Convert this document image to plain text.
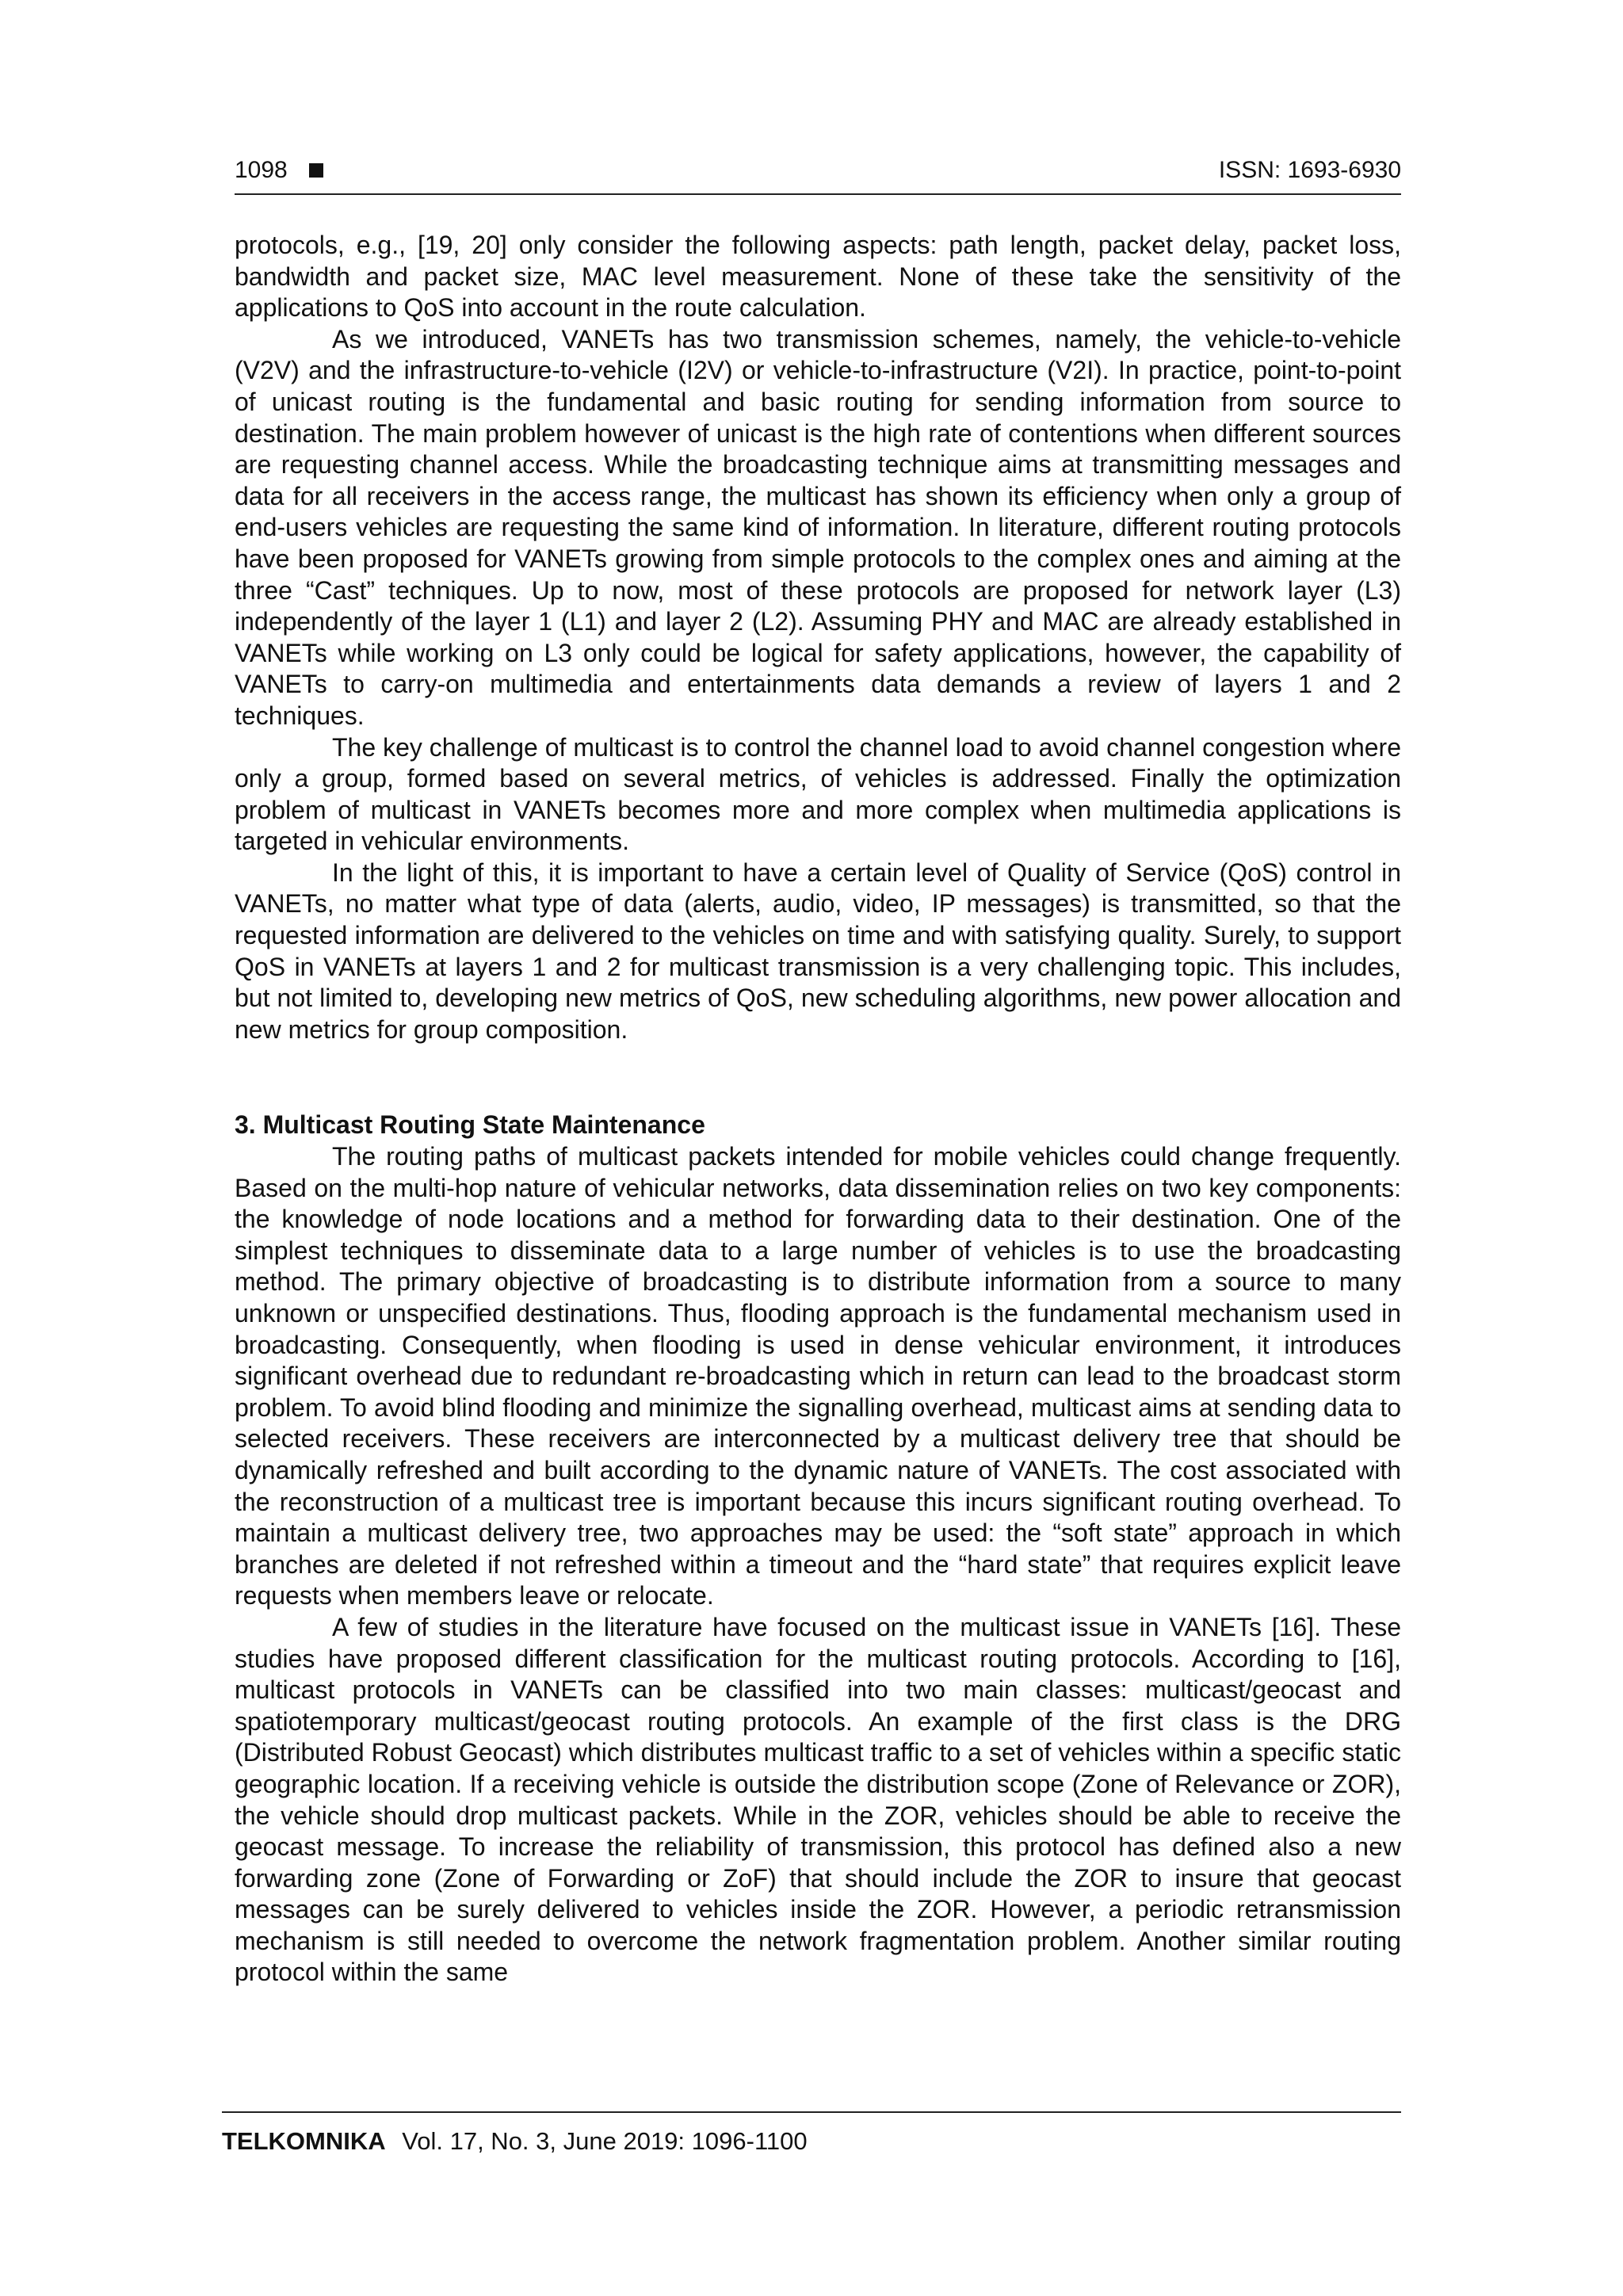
1098	ISSN: 1693-6930

protocols, e.g., [19, 20] only consider the following aspects: path length, packet delay, packet loss, bandwidth and packet size, MAC level measurement. None of these take the sensitivity of the applications to QoS into account in the route calculation.

As we introduced, VANETs has two transmission schemes, namely, the vehicle-to-vehicle (V2V) and the infrastructure-to-vehicle (I2V) or vehicle-to-infrastructure (V2I). In practice, point-to-point of unicast routing is the fundamental and basic routing for sending information from source to destination. The main problem however of unicast is the high rate of contentions when different sources are requesting channel access. While the broadcasting technique aims at transmitting messages and data for all receivers in the access range, the multicast has shown its efficiency when only a group of end-users vehicles are requesting the same kind of information. In literature, different routing protocols have been proposed for VANETs growing from simple protocols to the complex ones and aiming at the three “Cast” techniques. Up to now, most of these protocols are proposed for network layer (L3) independently of the layer 1 (L1) and layer 2 (L2). Assuming PHY and MAC are already established in VANETs while working on L3 only could be logical for safety applications, however, the capability of VANETs to carry-on multimedia and entertainments data demands a review of layers 1 and 2 techniques.

The key challenge of multicast is to control the channel load to avoid channel congestion where only a group, formed based on several metrics, of vehicles is addressed. Finally the optimization problem of multicast in VANETs becomes more and more complex when multimedia applications is targeted in vehicular environments.

In the light of this, it is important to have a certain level of Quality of Service (QoS) control in VANETs, no matter what type of data (alerts, audio, video, IP messages) is transmitted, so that the requested information are delivered to the vehicles on time and with satisfying quality. Surely, to support QoS in VANETs at layers 1 and 2 for multicast transmission is a very challenging topic. This includes, but not limited to, developing new metrics of QoS, new scheduling algorithms, new power allocation and new metrics for group composition.

3. Multicast Routing State Maintenance

The routing paths of multicast packets intended for mobile vehicles could change frequently. Based on the multi-hop nature of vehicular networks, data dissemination relies on two key components: the knowledge of node locations and a method for forwarding data to their destination. One of the simplest techniques to disseminate data to a large number of vehicles is to use the broadcasting method. The primary objective of broadcasting is to distribute information from a source to many unknown or unspecified destinations. Thus, flooding approach is the fundamental mechanism used in broadcasting. Consequently, when flooding is used in dense vehicular environment, it introduces significant overhead due to redundant re-broadcasting which in return can lead to the broadcast storm problem. To avoid blind flooding and minimize the signalling overhead, multicast aims at sending data to selected receivers. These receivers are interconnected by a multicast delivery tree that should be dynamically refreshed and built according to the dynamic nature of VANETs. The cost associated with the reconstruction of a multicast tree is important because this incurs significant routing overhead. To maintain a multicast delivery tree, two approaches may be used: the “soft state” approach in which branches are deleted if not refreshed within a timeout and the “hard state” that requires explicit leave requests when members leave or relocate.

A few of studies in the literature have focused on the multicast issue in VANETs [16]. These studies have proposed different classification for the multicast routing protocols. According to [16], multicast protocols in VANETs can be classified into two main classes: multicast/geocast and spatiotemporary multicast/geocast routing protocols. An example of the first class is the DRG (Distributed Robust Geocast) which distributes multicast traffic to a set of vehicles within a specific static geographic location. If a receiving vehicle is outside the distribution scope (Zone of Relevance or ZOR), the vehicle should drop multicast packets. While in the ZOR, vehicles should be able to receive the geocast message. To increase the reliability of transmission, this protocol has defined also a new forwarding zone (Zone of Forwarding or ZoF) that should include the ZOR to insure that geocast messages can be surely delivered to vehicles inside the ZOR. However, a periodic retransmission mechanism is still needed to overcome the network fragmentation problem. Another similar routing protocol within the same

TELKOMNIKA Vol. 17, No. 3, June 2019: 1096-1100
